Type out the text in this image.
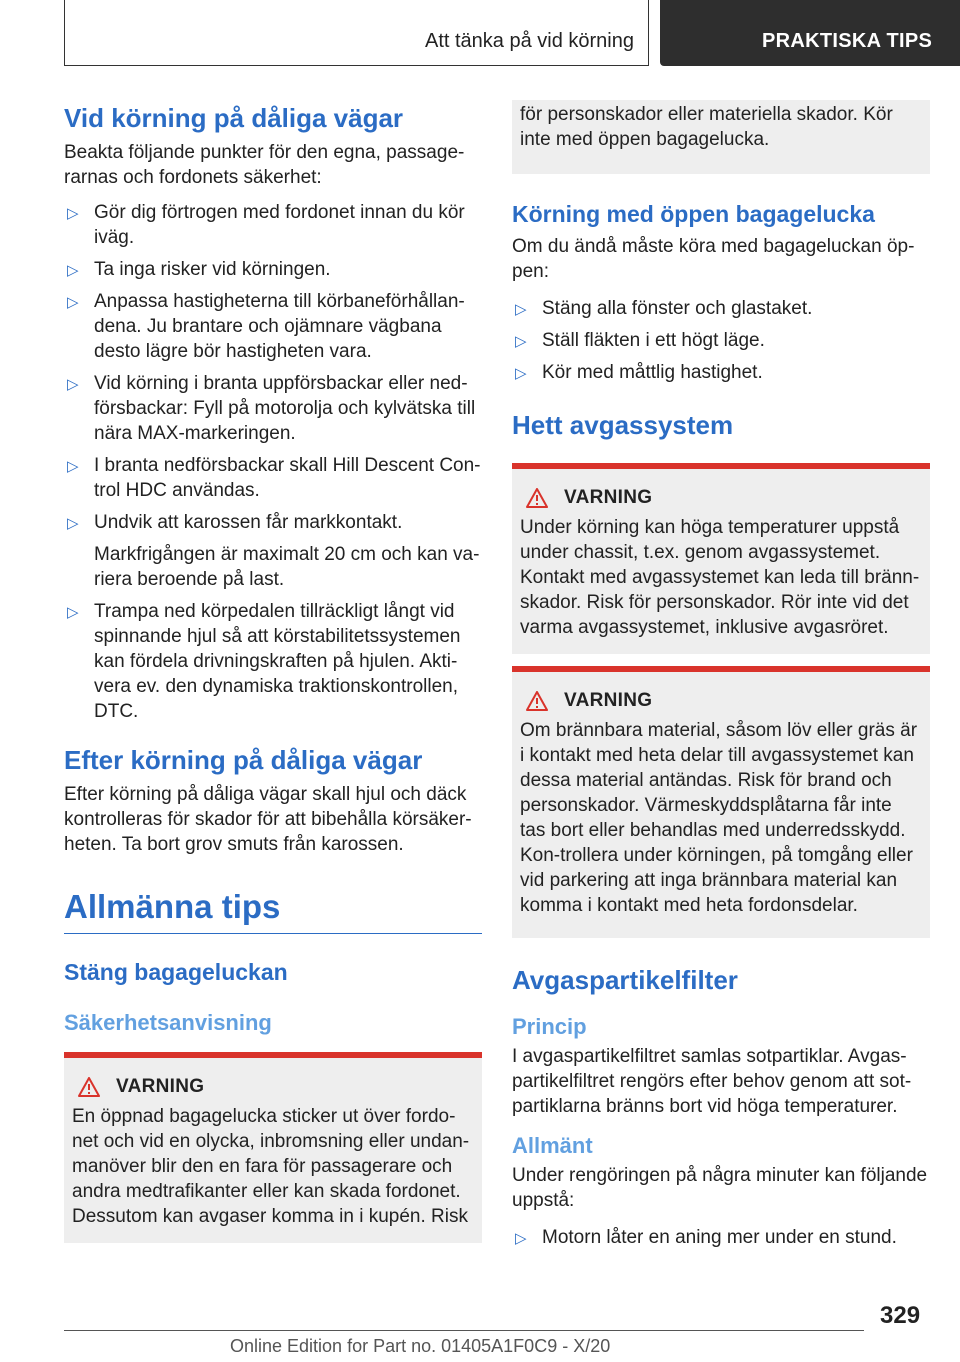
Att tänka på vid körning	PRAKTISKA TIPS
Vid körning på dåliga vägar

Beakta följande punkter för den egna, passage-rarnas och fordonets säkerhet:

▷ Gör dig förtrogen med fordonet innan du kör iväg.
▷ Ta inga risker vid körningen.
▷ Anpassa hastigheterna till körbaneförhållan-dena. Ju brantare och ojämnare vägbana desto lägre bör hastigheten vara.
▷ Vid körning i branta uppförsbackar eller ned-försbackar: Fyll på motorolja och kylvätska till nära MAX-markeringen.
▷ I branta nedförsbackar skall Hill Descent Con-trol HDC användas.
▷ Undvik att karossen får markkontakt.
Markfrigången är maximalt 20 cm och kan va-riera beroende på last.
▷ Trampa ned körpedalen tillräckligt långt vid spinnande hjul så att körstabilitetssystemen kan fördela drivningskraften på hjulen. Akti-vera ev. den dynamiska traktionskontrollen, DTC.
Efter körning på dåliga vägar

Efter körning på dåliga vägar skall hjul och däck kontrolleras för skador för att bibehålla körsäker-heten. Ta bort grov smuts från karossen.

Allmänna tips
Stäng bagageluckan
Säkerhetsanvisning
VARNING
En öppnad bagagelucka sticker ut över fordo-net och vid en olycka, inbromsning eller undan-manöver blir den en fara för passagerare och andra medtrafikanter eller kan skada fordonet. Dessutom kan avgaser komma in i kupén. Risk
för personskador eller materiella skador. Kör inte med öppen bagagelucka.
Körning med öppen bagagelucka

Om du ändå måste köra med bagageluckan öp-pen:

▷ Stäng alla fönster och glastaket.
▷ Ställ fläkten i ett högt läge.
▷ Kör med måttlig hastighet.
Hett avgassystem
VARNING
Under körning kan höga temperaturer uppstå under chassit, t.ex. genom avgassystemet. Kontakt med avgassystemet kan leda till bränn-skador. Risk för personskador. Rör inte vid det varma avgassystemet, inklusive avgasröret.
VARNING
Om brännbara material, såsom löv eller gräs är i kontakt med heta delar till avgassystemet kan dessa material antändas. Risk för brand och personskador. Värmeskyddsplåtarna får inte tas bort eller behandlas med underredsskydd. Kon-trollera under körningen, på tomgång eller vid parkering att inga brännbara material kan komma i kontakt med heta fordonsdelar.
Avgaspartikelfilter
Princip

I avgaspartikelfiltret samlas sotpartiklar. Avgas-partikelfiltret rengörs efter behov genom att sot-partiklarna bränns bort vid höga temperaturer.

Allmänt

Under rengöringen på några minuter kan följande uppstå:

▷ Motorn låter en aning mer under en stund.
329
Online Edition for Part no. 01405A1F0C9 - X/20
